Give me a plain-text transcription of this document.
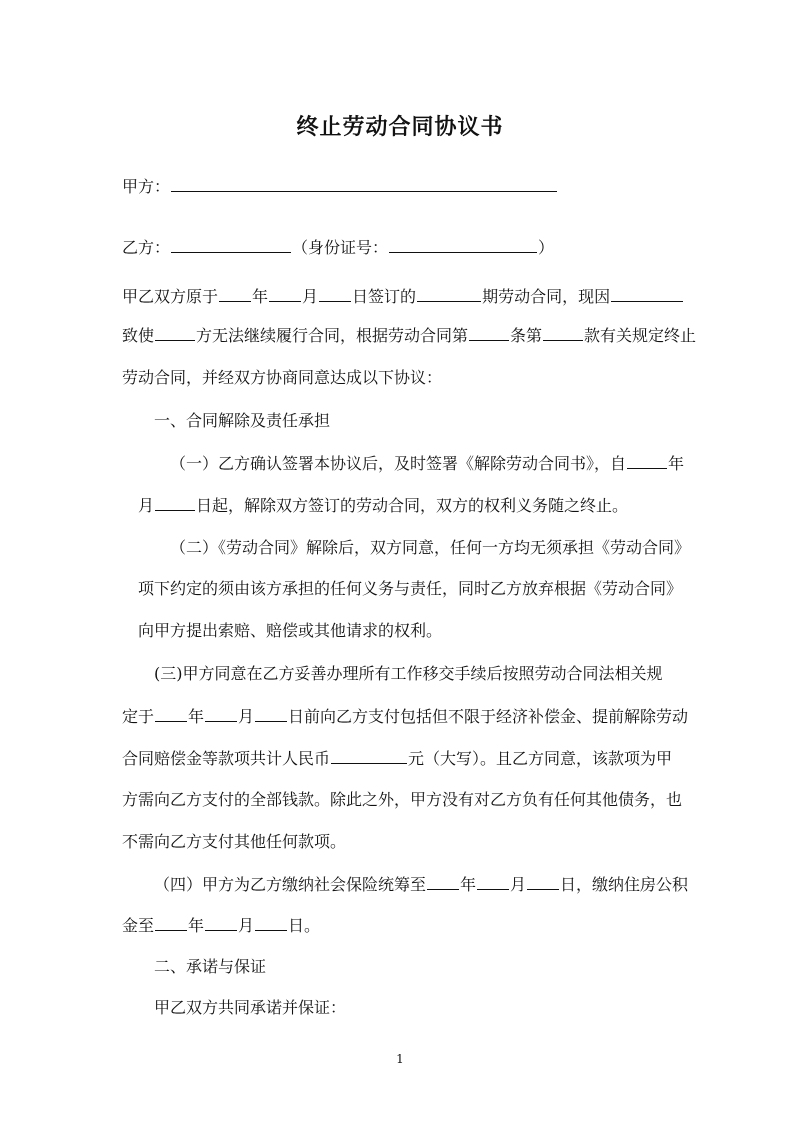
终止劳动合同协议书
甲方：
乙方：	（身份证号：	）
甲乙双方原于 年 月 日签订的	期劳动合同，现因
致使	方无法继续履行合同，根据劳动合同第	条第	款有关规定终止
劳动合同，并经双方协商同意达成以下协议：
一、合同解除及责任承担
（一）乙方确认签署本协议后，及时签署《解除劳动合同书》，自	年
月	日起，解除双方签订的劳动合同，双方的权利义务随之终止。
（二）《劳动合同》解除后，双方同意，任何一方均无须承担《劳动合同》
项下约定的须由该方承担的任何义务与责任，同时乙方放弃根据《劳动合同》
向甲方提出索赔、赔偿或其他请求的权利。
(三)甲方同意在乙方妥善办理所有工作移交手续后按照劳动合同法相关规
定于 年 月 日前向乙方支付包括但不限于经济补偿金、提前解除劳动
合同赔偿金等款项共计人民币	元（大写）。且乙方同意，该款项为甲
方需向乙方支付的全部钱款。除此之外，甲方没有对乙方负有任何其他债务，也
不需向乙方支付其他任何款项。
（四）甲方为乙方缴纳社会保险统筹至 年 月 日，缴纳住房公积
金至 年 月 日。
二、承诺与保证
甲乙双方共同承诺并保证：
1
